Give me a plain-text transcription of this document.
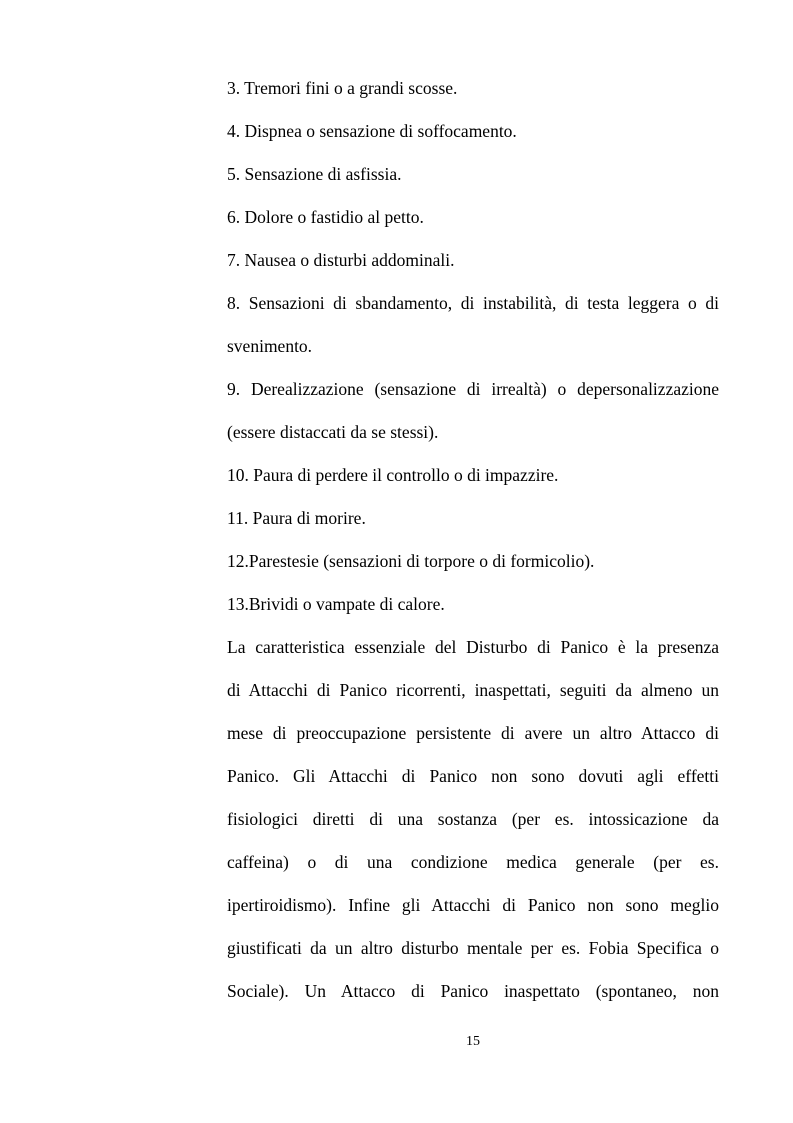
3. Tremori fini o a grandi scosse.
4. Dispnea o sensazione di soffocamento.
5. Sensazione di asfissia.
6. Dolore o fastidio al petto.
7. Nausea o disturbi addominali.
8. Sensazioni di sbandamento, di instabilità, di testa leggera o di
svenimento.
9. Derealizzazione (sensazione di irrealtà) o depersonalizzazione
(essere distaccati da se stessi).
10. Paura di perdere il controllo o di impazzire.
11. Paura di morire.
12.Parestesie (sensazioni di torpore o di formicolio).
13.Brividi o vampate di calore.
La caratteristica essenziale del Disturbo di Panico è la presenza
di Attacchi di Panico ricorrenti, inaspettati, seguiti da almeno un
mese di preoccupazione persistente di avere un altro Attacco di
Panico. Gli Attacchi di Panico non sono dovuti agli effetti
fisiologici diretti di una sostanza (per es. intossicazione da
caffeina) o di una condizione medica generale (per es.
ipertiroidismo). Infine gli Attacchi di Panico non sono meglio
giustificati da un altro disturbo mentale per es. Fobia Specifica o
Sociale). Un Attacco di Panico inaspettato (spontaneo, non
15
